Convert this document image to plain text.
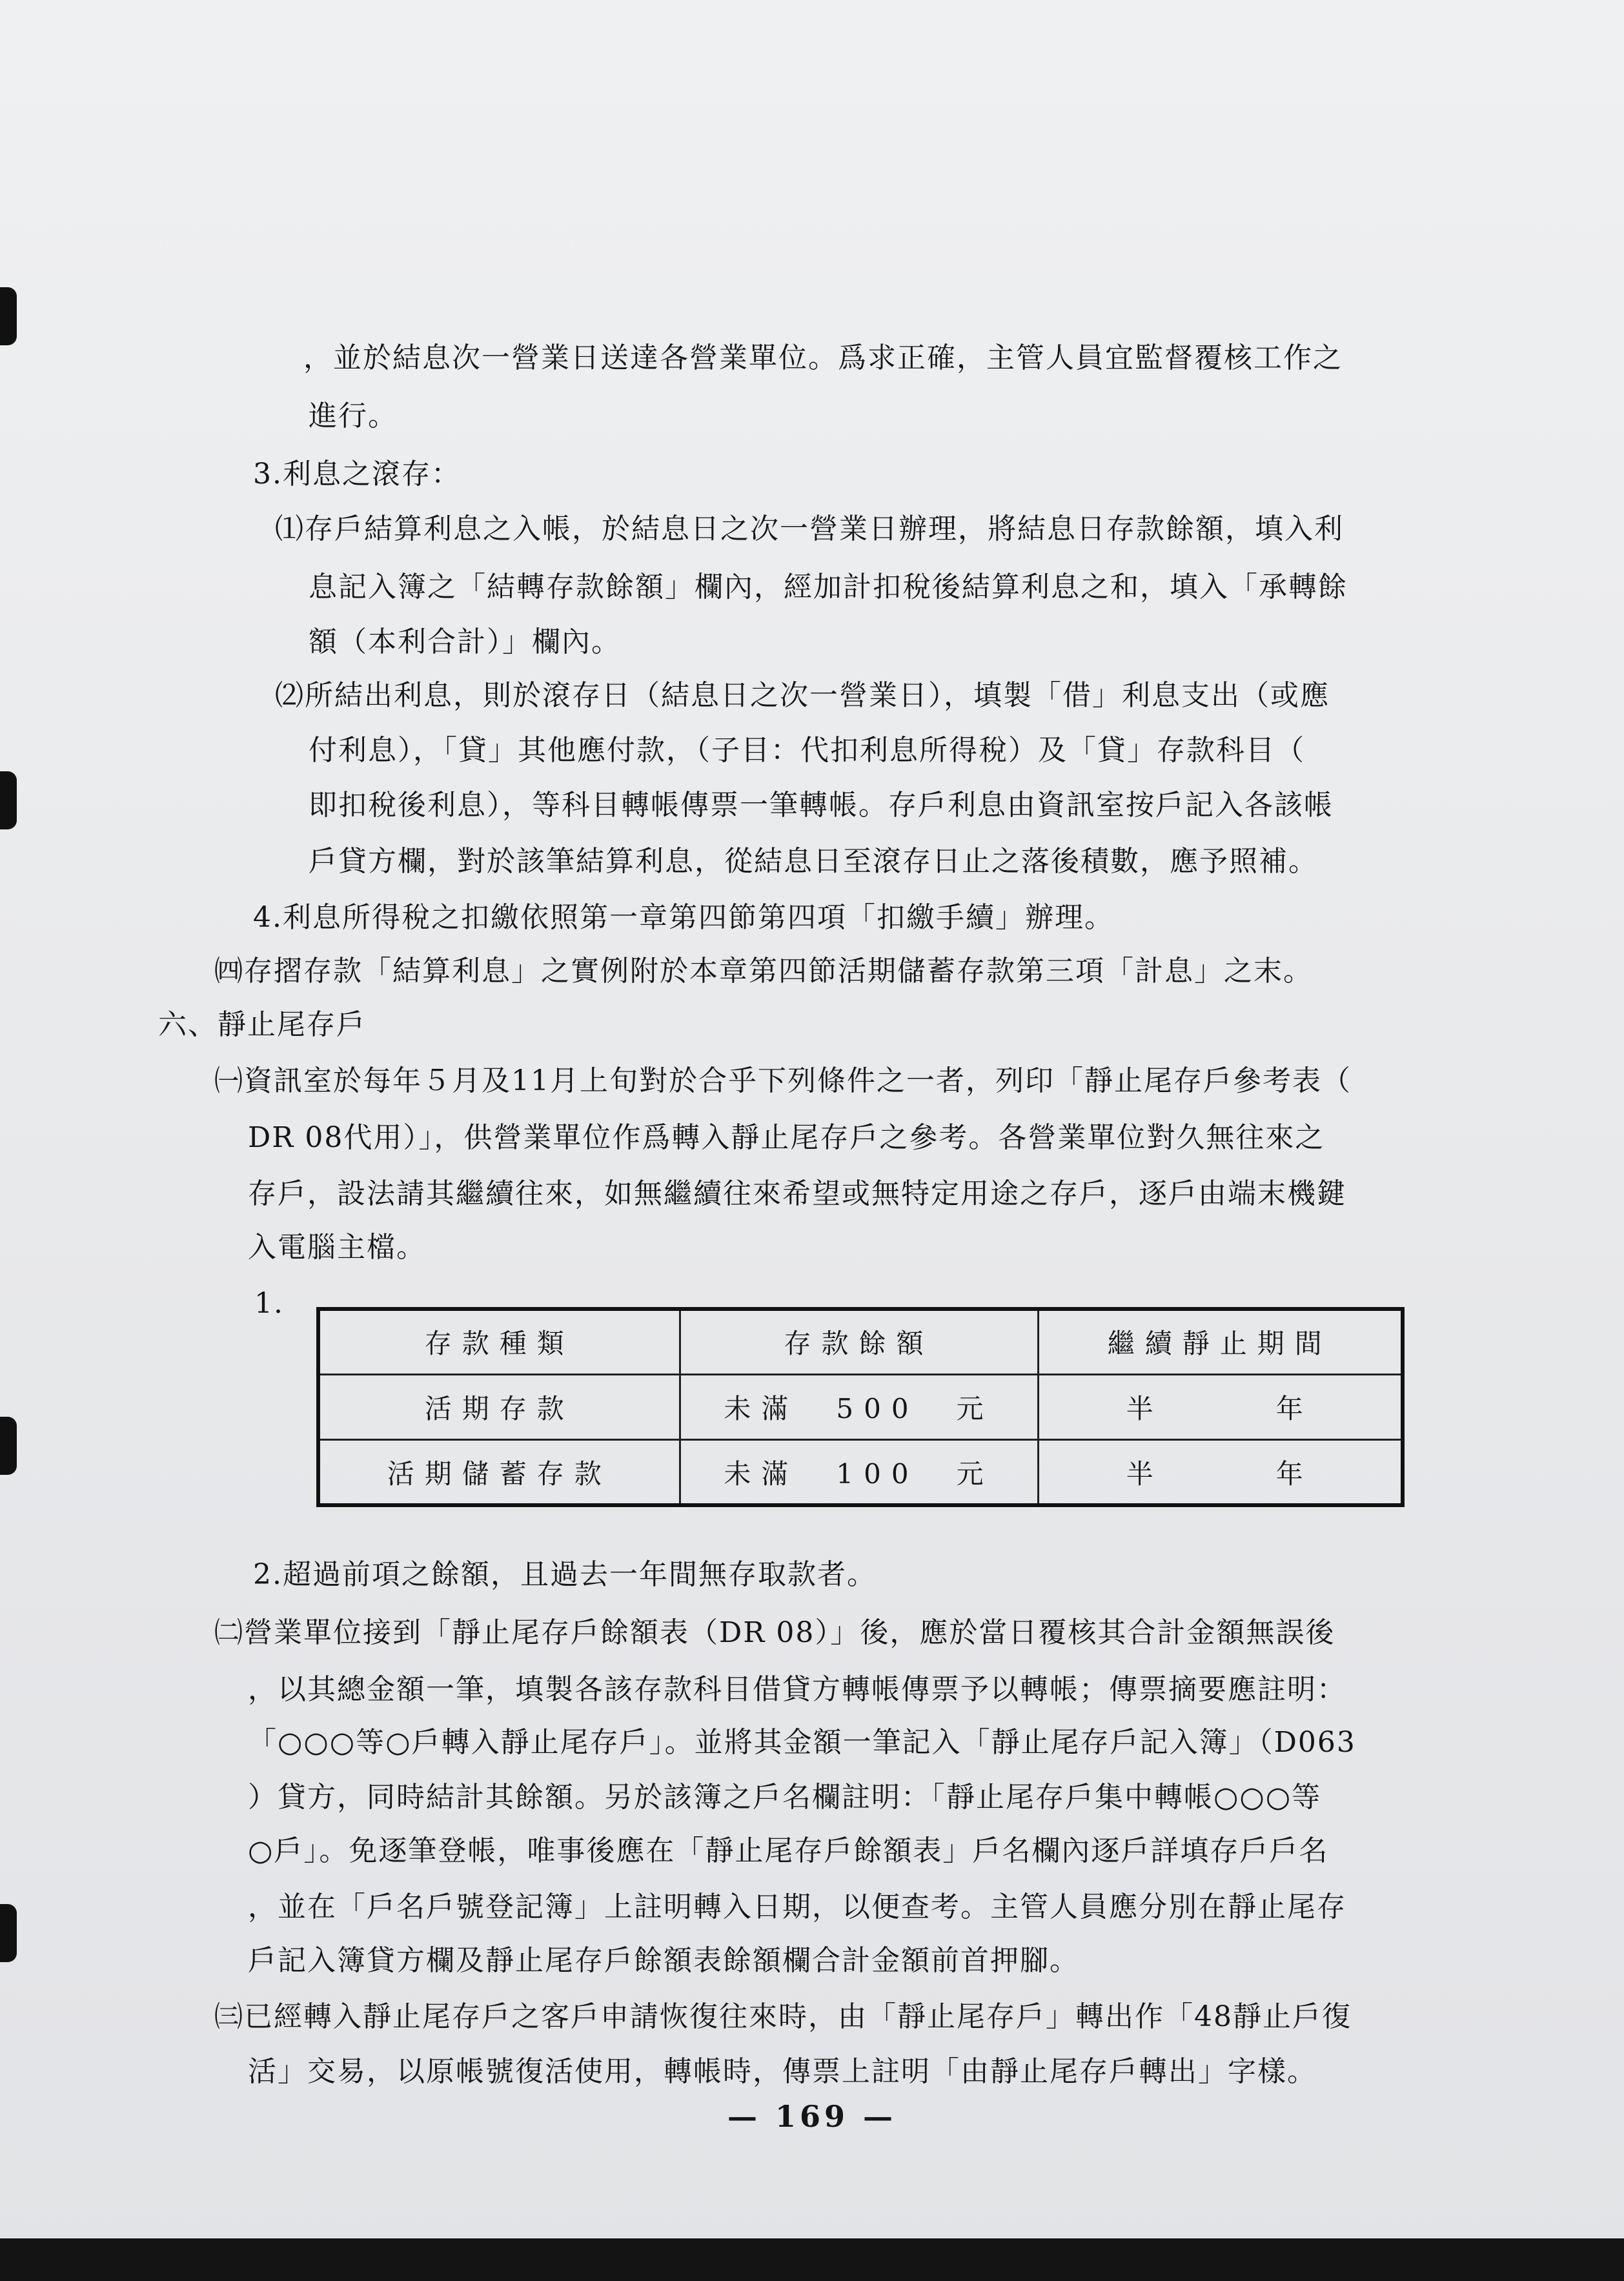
，並於結息次一營業日送達各營業單位。爲求正確，主管人員宜監督覆核工作之
進行。
3.利息之滾存：
⑴存戶結算利息之入帳，於結息日之次一營業日辦理，將結息日存款餘額，填入利
息記入簿之「結轉存款餘額」欄內，經加計扣稅後結算利息之和，填入「承轉餘
額（本利合計）」欄內。
⑵所結出利息，則於滾存日（結息日之次一營業日），填製「借」利息支出（或應
付利息），「貸」其他應付款，（子目：代扣利息所得稅）及「貸」存款科目（
即扣稅後利息），等科目轉帳傳票一筆轉帳。存戶利息由資訊室按戶記入各該帳
戶貸方欄，對於該筆結算利息，從結息日至滾存日止之落後積數，應予照補。
4.利息所得稅之扣繳依照第一章第四節第四項「扣繳手續」辦理。
㈣存摺存款「結算利息」之實例附於本章第四節活期儲蓄存款第三項「計息」之末。
六、靜止尾存戶
㈠資訊室於每年５月及11月上旬對於合乎下列條件之一者，列印「靜止尾存戶參考表（
DR 08代用）」，供營業單位作爲轉入靜止尾存戶之參考。各營業單位對久無往來之
存戶，設法請其繼續往來，如無繼續往來希望或無特定用途之存戶，逐戶由端末機鍵
入電腦主檔。
1.
2.超過前項之餘額，且過去一年間無存取款者。
㈡營業單位接到「靜止尾存戶餘額表（DR 08）」後，應於當日覆核其合計金額無誤後
，以其總金額一筆，填製各該存款科目借貸方轉帳傳票予以轉帳；傳票摘要應註明：
「○○○等○戶轉入靜止尾存戶」。並將其金額一筆記入「靜止尾存戶記入簿」（D063
）貸方，同時結計其餘額。另於該簿之戶名欄註明：「靜止尾存戶集中轉帳○○○等
○戶」。免逐筆登帳，唯事後應在「靜止尾存戶餘額表」戶名欄內逐戶詳填存戶戶名
，並在「戶名戶號登記簿」上註明轉入日期，以便查考。主管人員應分別在靜止尾存
戶記入簿貸方欄及靜止尾存戶餘額表餘額欄合計金額前首押腳。
㈢已經轉入靜止尾存戶之客戶申請恢復往來時，由「靜止尾存戶」轉出作「48靜止戶復
活」交易，以原帳號復活使用，轉帳時，傳票上註明「由靜止尾存戶轉出」字樣。
存款種類	存款餘額	繼續靜止期間
活期存款	未滿　500　元	半　　　年
活期儲蓄存款	未滿　100　元	半　　　年
— 169 —
